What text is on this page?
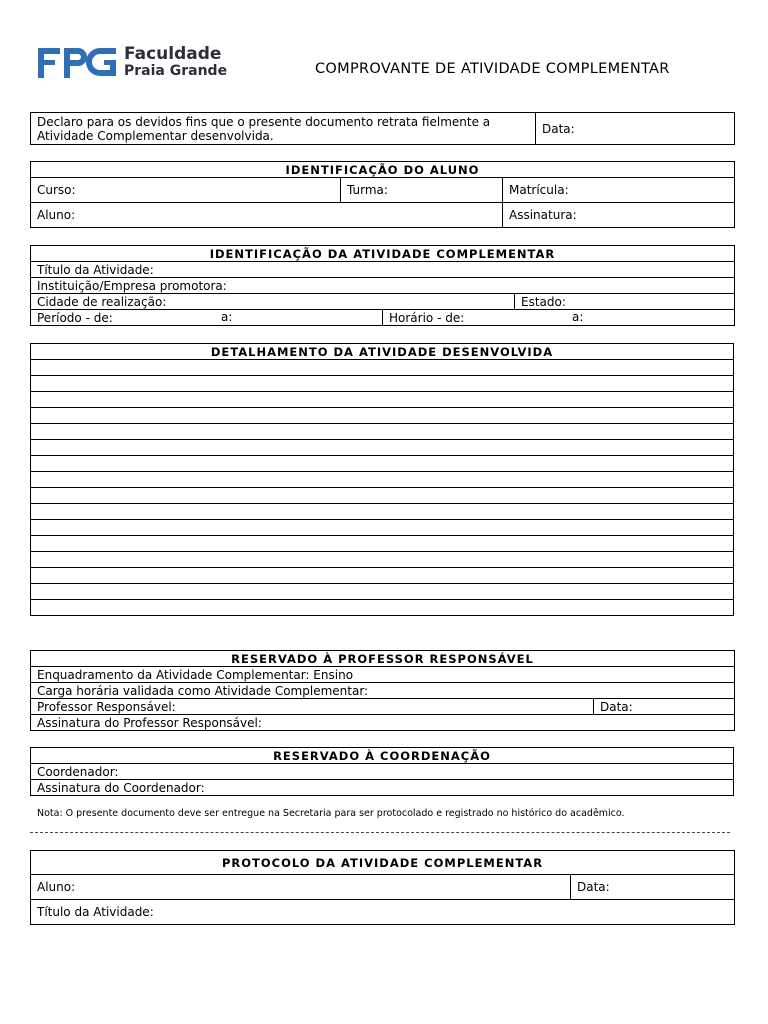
Faculdade
Praia Grande	COMPROVANTE DE ATIVIDADE COMPLEMENTAR
Declaro para os devidos fins que o presente documento retrata fielmente a Atividade Complementar desenvolvida.	Data:
IDENTIFICAÇÃO DO ALUNO		
Curso:	Turma:	Matrícula:
Aluno:		Assinatura:
IDENTIFICAÇÃO DA ATIVIDADE COMPLEMENTAR		
Título da Atividade:		
Instituição/Empresa promotora:		
Cidade de realização:		Estado:
Período - de: a:	Horário - de: a:	
DETALHAMENTO DA ATIVIDADE DESENVOLVIDA

RESERVADO À PROFESSOR RESPONSÁVEL
Enquadramento da Atividade Complementar: Ensino
Carga horária validada como Atividade Complementar:
Professor Responsável:	Data:
Assinatura do Professor Responsável:
RESERVADO À COORDENAÇÃO
Coordenador:
Assinatura do Coordenador:
Nota: O presente documento deve ser entregue na Secretaria para ser protocolado e registrado no histórico do acadêmico.
PROTOCOLO DA ATIVIDADE COMPLEMENTAR
Aluno:	Data:
Título da Atividade:
